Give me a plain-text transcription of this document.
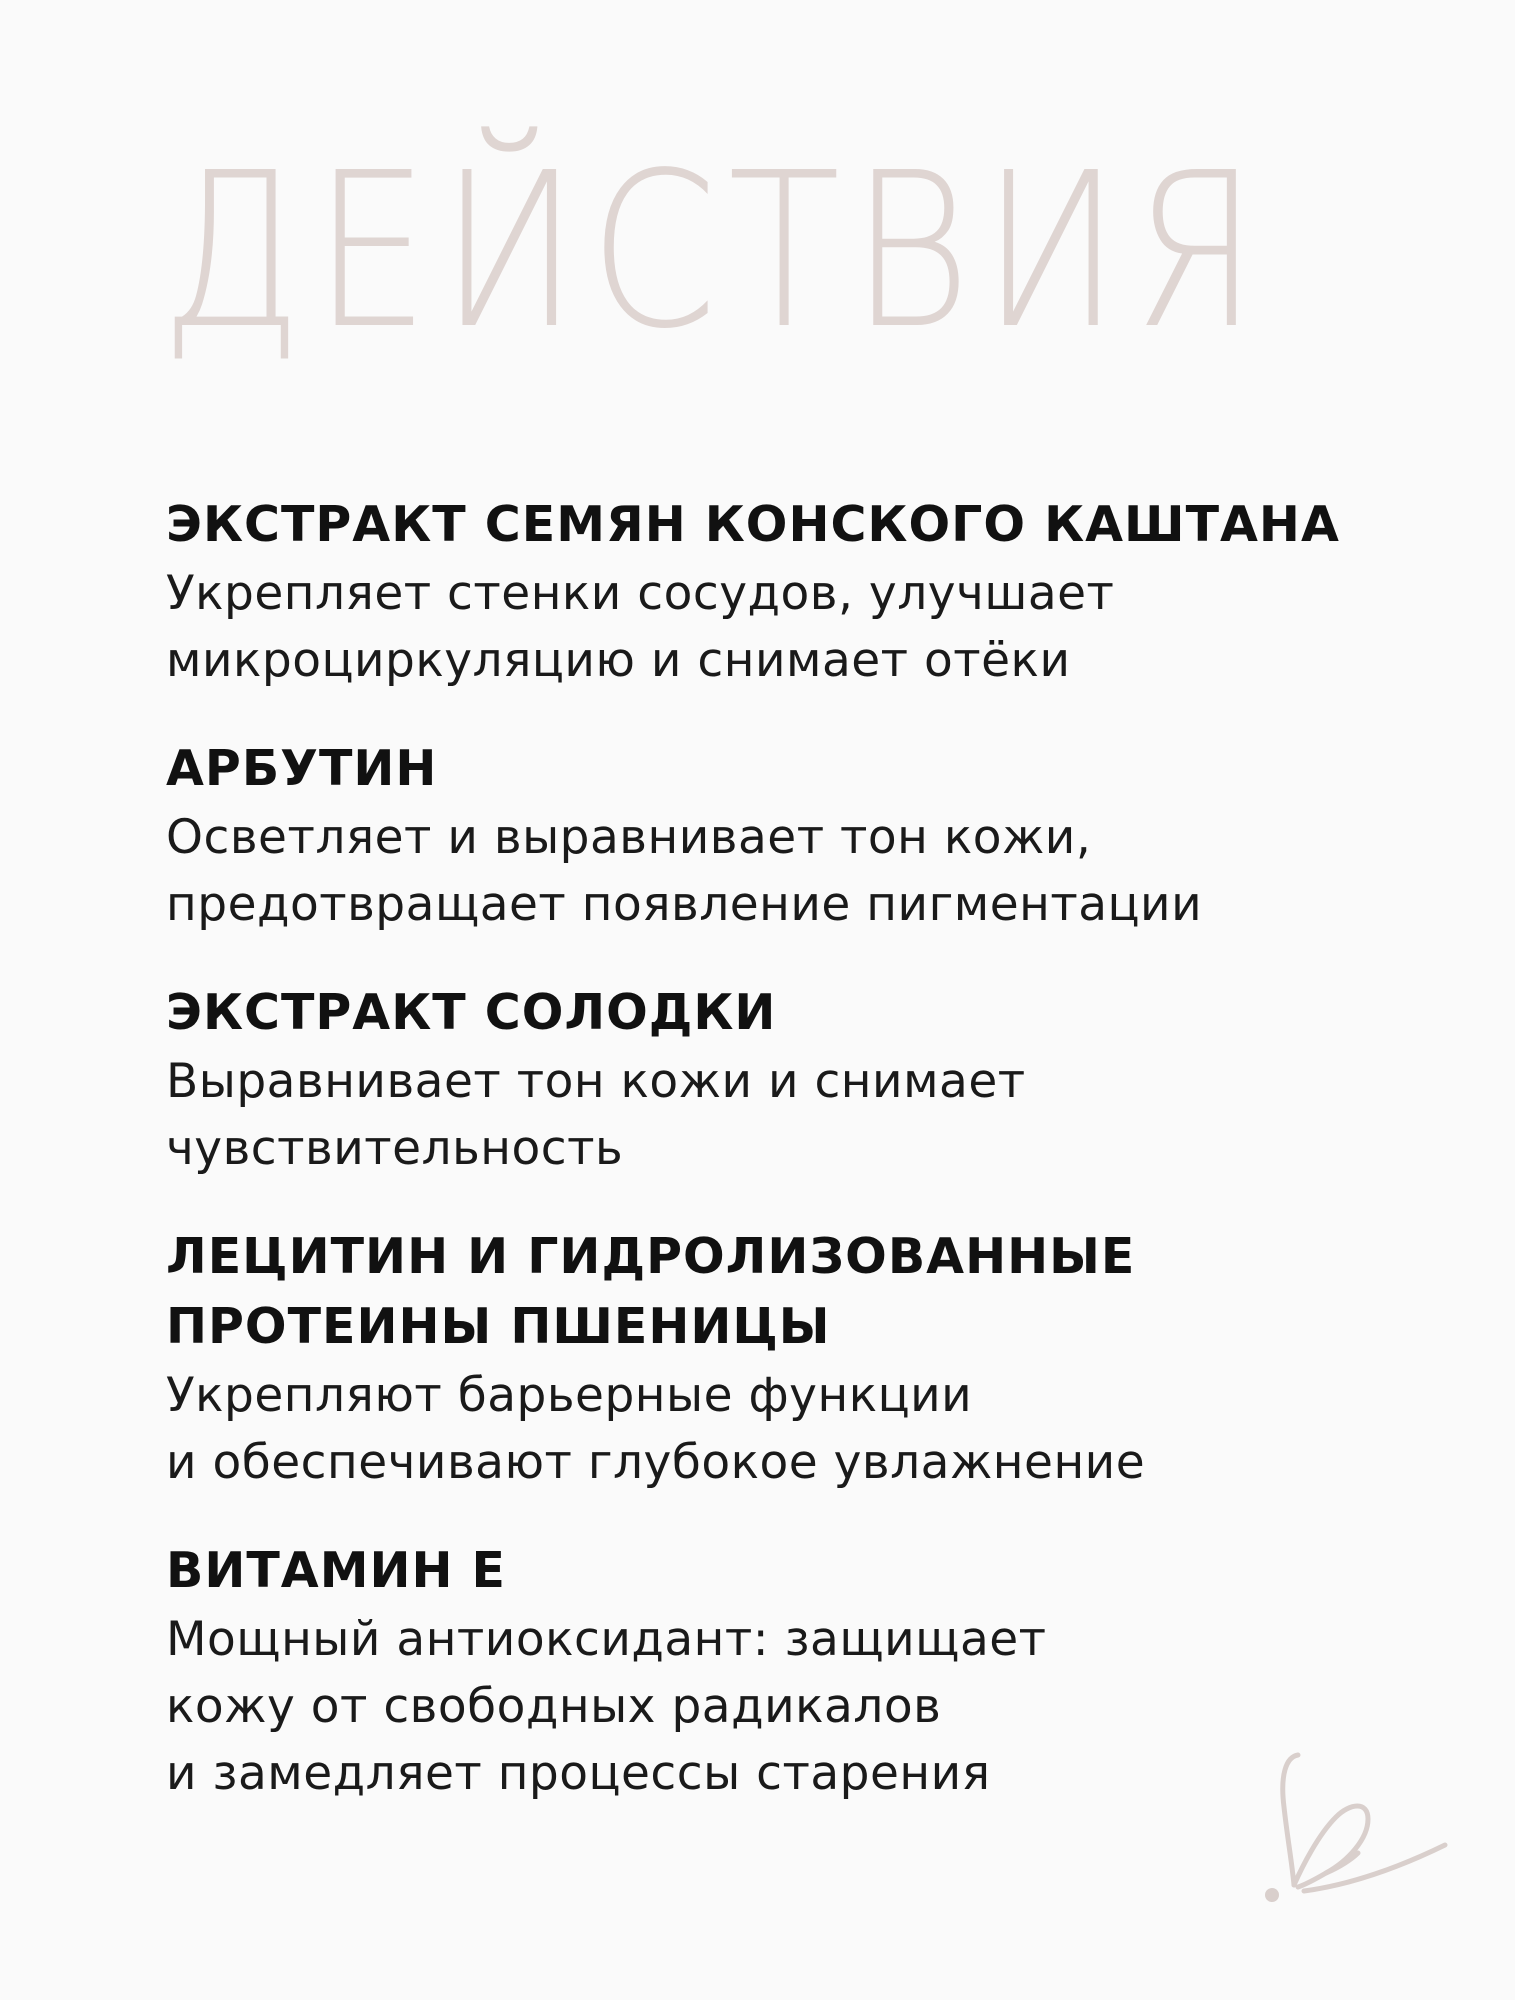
ДЕЙСТВИЯ

ЭКСТРАКТ СЕМЯН КОНСКОГО КАШТАНА

Укрепляет стенки сосудов, улучшает
микроциркуляцию и снимает отёки

АРБУТИН

Осветляет и выравнивает тон кожи,
предотвращает появление пигментации

ЭКСТРАКТ СОЛОДКИ

Выравнивает тон кожи и снимает
чувствительность

ЛЕЦИТИН И ГИДРОЛИЗОВАННЫЕ
ПРОТЕИНЫ ПШЕНИЦЫ

Укрепляют барьерные функции
и обеспечивают глубокое увлажнение

ВИТАМИН Е

Мощный антиоксидант: защищает
кожу от свободных радикалов
и замедляет процессы старения
